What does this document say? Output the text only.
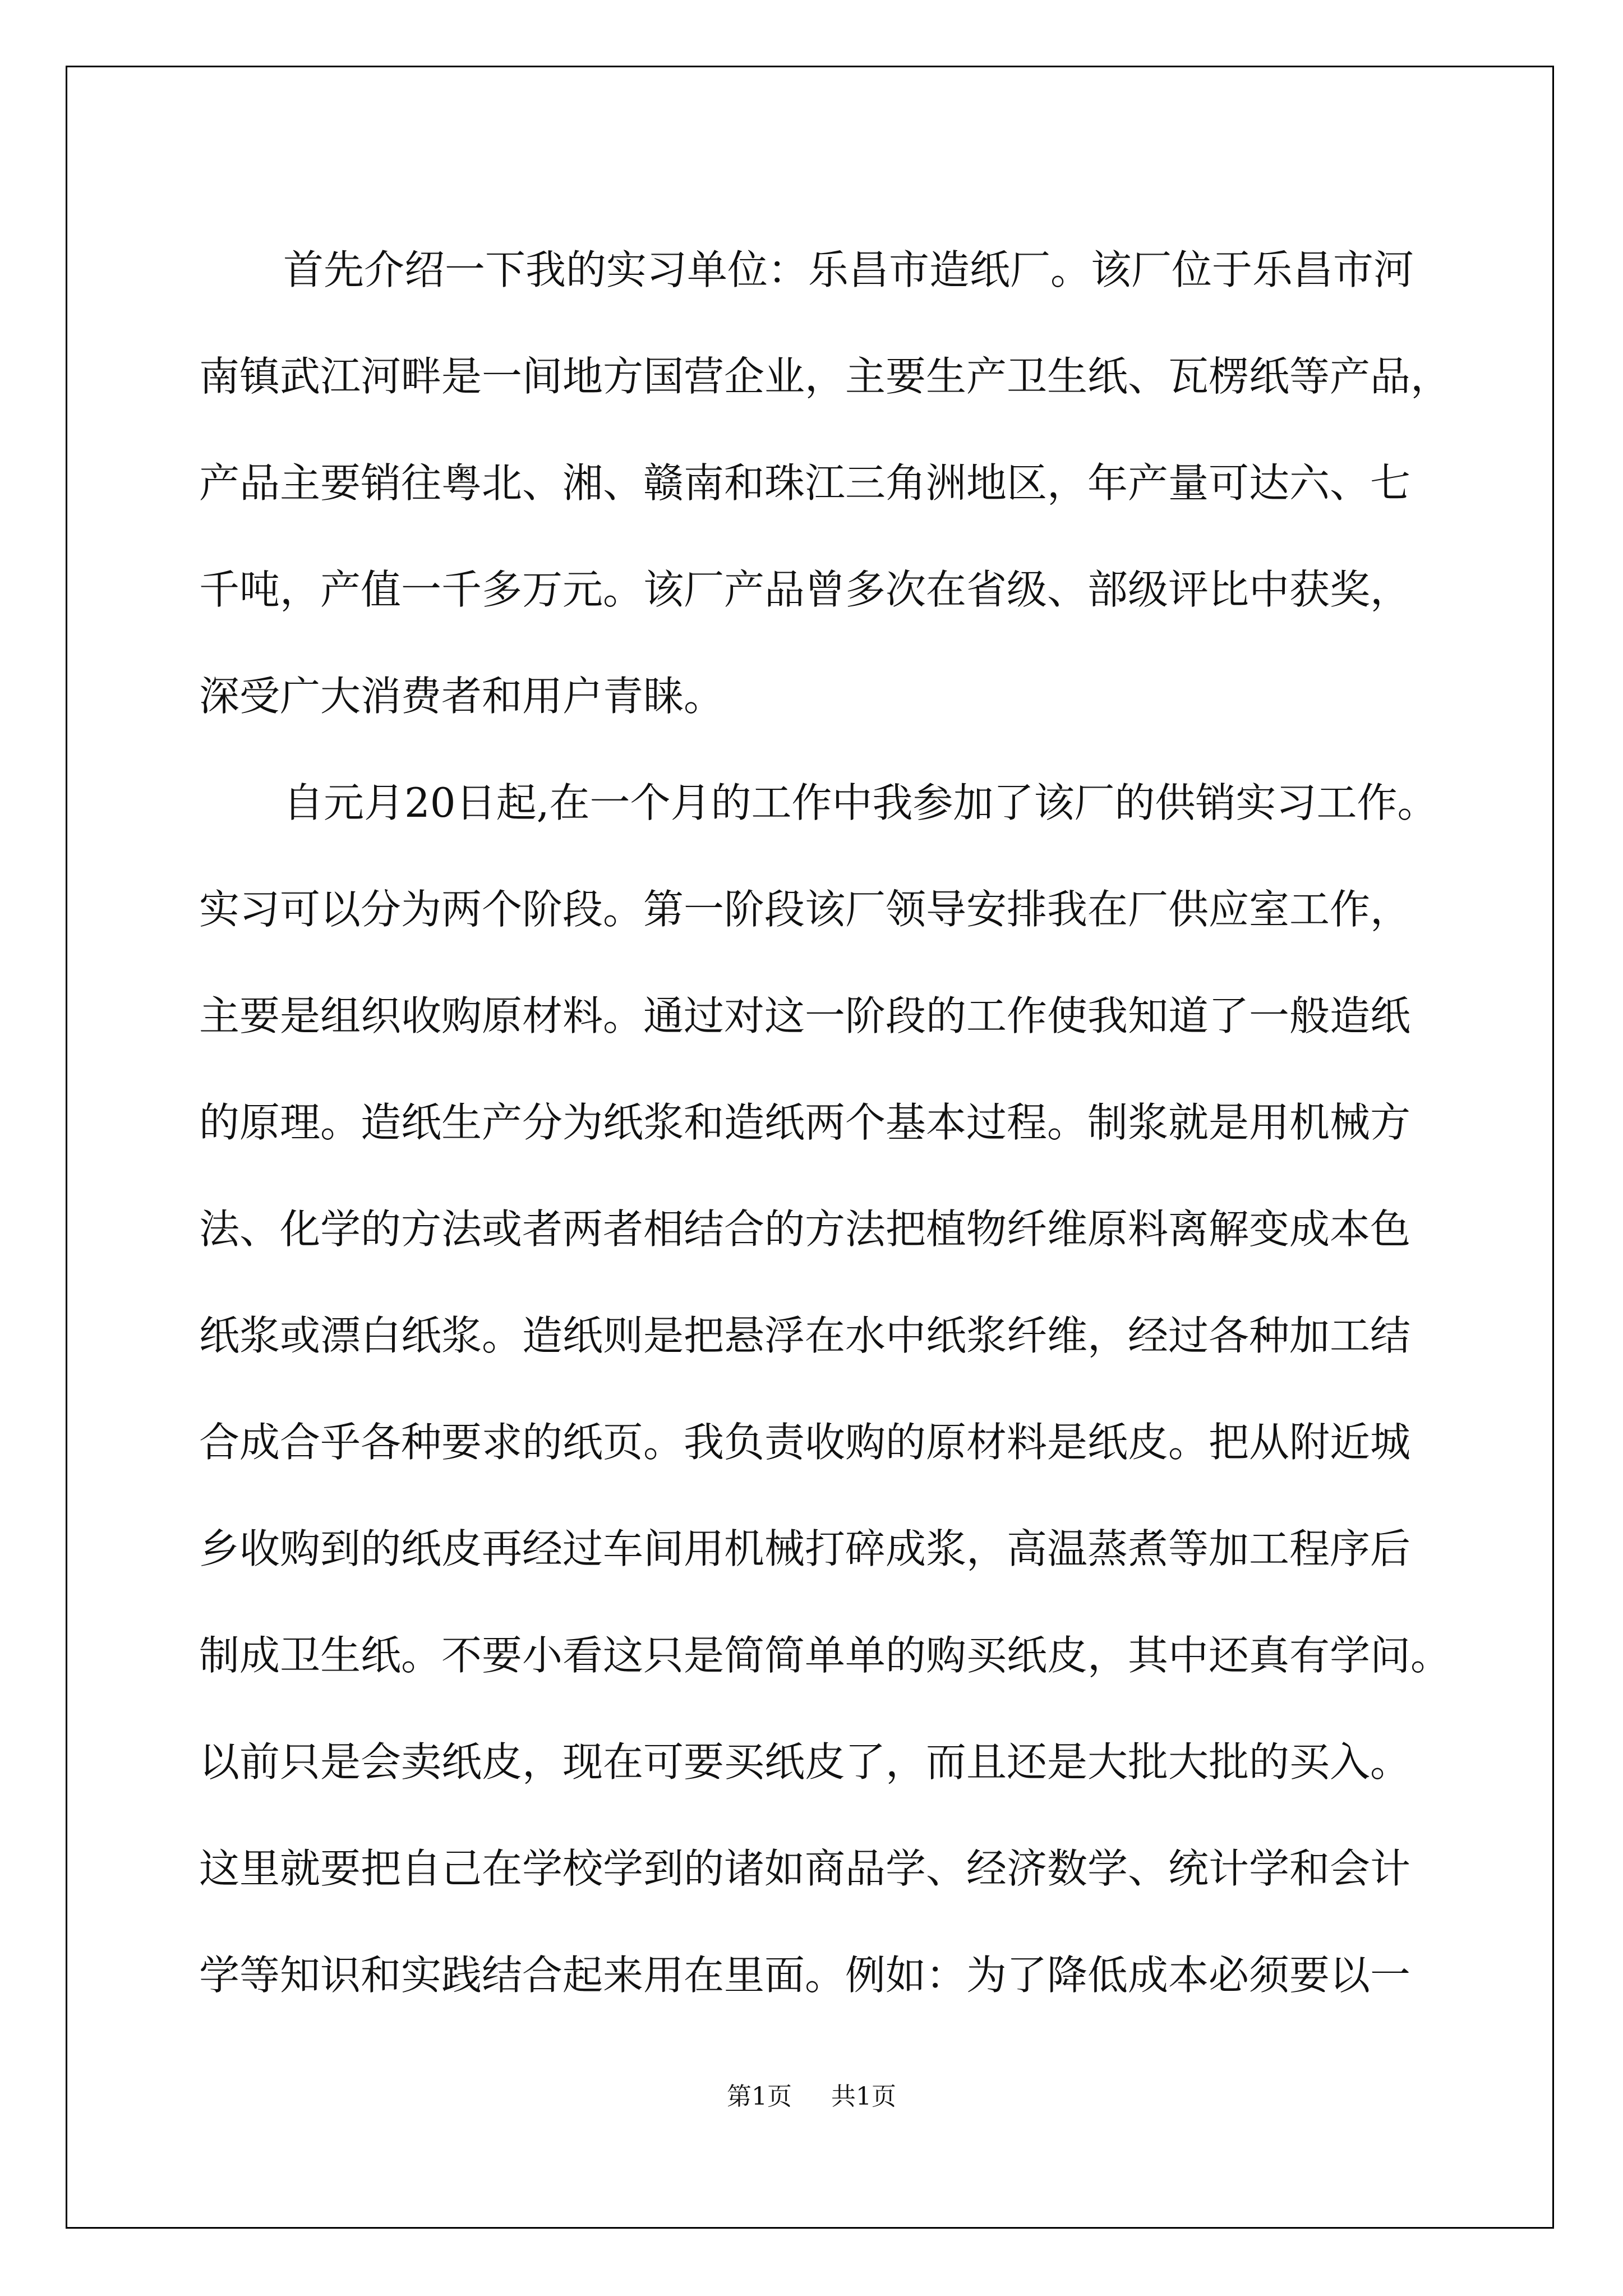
首先介绍一下我的实习单位：乐昌市造纸厂。该厂位于乐昌市河
南镇武江河畔是一间地方国营企业，主要生产卫生纸、瓦楞纸等产品，
产品主要销往粤北、湘、赣南和珠江三角洲地区，年产量可达六、七
千吨，产值一千多万元。该厂产品曾多次在省级、部级评比中获奖，
深受广大消费者和用户青睐。
自元月20日起,在一个月的工作中我参加了该厂的供销实习工作。
实习可以分为两个阶段。第一阶段该厂领导安排我在厂供应室工作，
主要是组织收购原材料。通过对这一阶段的工作使我知道了一般造纸
的原理。造纸生产分为纸浆和造纸两个基本过程。制浆就是用机械方
法、化学的方法或者两者相结合的方法把植物纤维原料离解变成本色
纸浆或漂白纸浆。造纸则是把悬浮在水中纸浆纤维，经过各种加工结
合成合乎各种要求的纸页。我负责收购的原材料是纸皮。把从附近城
乡收购到的纸皮再经过车间用机械打碎成浆，高温蒸煮等加工程序后
制成卫生纸。不要小看这只是简简单单的购买纸皮，其中还真有学问。
以前只是会卖纸皮，现在可要买纸皮了，而且还是大批大批的买入。
这里就要把自己在学校学到的诸如商品学、经济数学、统计学和会计
学等知识和实践结合起来用在里面。例如：为了降低成本必须要以一
第1页 共1页
